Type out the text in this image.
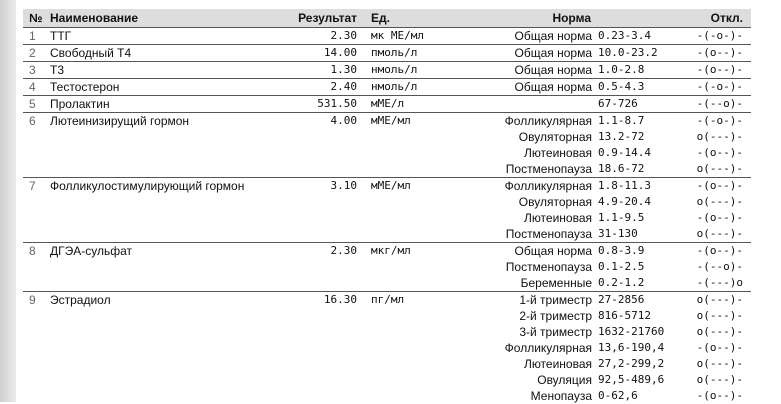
№ Наименование	Результат Ед.	Норма	Откл.
1	ТТГ	2.30 мк МЕ/мл	Общая норма 0.23-3.4	-(-o-)-
2	Свободный Т4	14.00 пмоль/л	Общая норма 10.0-23.2	-(o--)-
3	Т3	1.30 нмоль/л	Общая норма 1.0-2.8	-(o--)-
4	Тестостерон	2.40 нмоль/л	Общая норма 0.5-4.3	-(-o-)-
5	Пролактин	531.50 мМЕ/л	67-726	-(--o)-
6	Лютеинизирущий гормон	4.00 мМЕ/мл	Фолликулярная 1.1-8.7	-(-o-)-
Овуляторная 13.2-72	o(---)-
Лютеиновая 0.9-14.4	-(o--)-
Постменопауза 18.6-72	o(---)-
7	Фолликулостимулирующий гормон	3.10 мМЕ/мл	Фолликулярная 1.8-11.3	-(o--)-
Овуляторная 4.9-20.4	o(---)-
Лютеиновая 1.1-9.5	-(o--)-
Постменопауза 31-130	o(---)-
8	ДГЭА-сульфат	2.30 мкг/мл	Общая норма 0.8-3.9	-(o--)-
Постменопауза 0.1-2.5	-(--o)-
Беременные 0.2-1.2	-(---)o
9	Эстрадиол	16.30 пг/мл	1-й триместр 27-2856	o(---)-
2-й триместр 816-5712	o(---)-
3-й триместр 1632-21760	o(---)-
Фолликулярная 13,6-190,4	-(o--)-
Лютеиновая 27,2-299,2	o(---)-
Овуляция 92,5-489,6	o(---)-
Менопауза 0-62,6	-(o--)-
